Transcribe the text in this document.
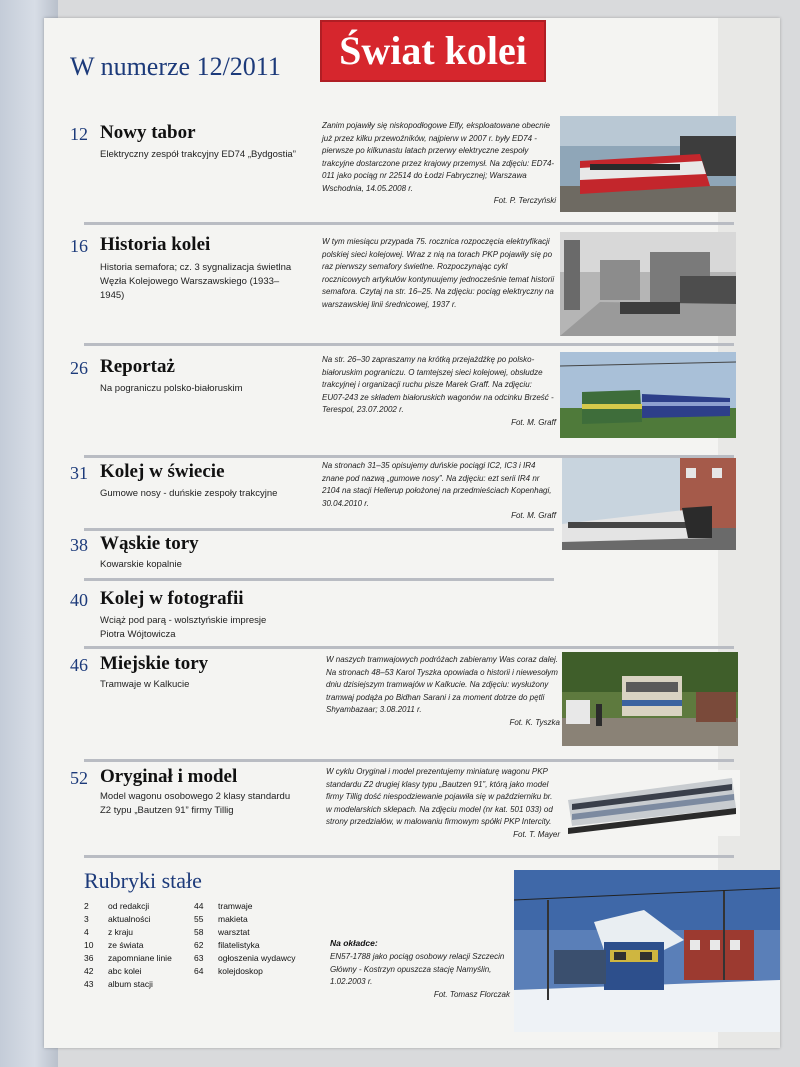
W numerze 12/2011	Świat kolei
12 Nowy tabor
Elektryczny zespół trakcyjny ED74 „Bydgostia”
Zanim pojawiły się niskopodłogowe Elfy, eksploatowane obecnie już przez kilku przewoźników, najpierw w 2007 r. były ED74 - pierwsze po kilkunastu latach przerwy elektryczne zespoły trakcyjne dostarczone przez krajowy przemysł. Na zdjęciu: ED74-011 jako pociąg nr 22514 do Łodzi Fabrycznej; Warszawa Wschodnia, 14.05.2008 r.
Fot. P. Terczyński
16 Historia kolei
Historia semafora; cz. 3 sygnalizacja świetlna Węzła Kolejowego Warszawskiego (1933–1945)
W tym miesiącu przypada 75. rocznica rozpoczęcia elektryfikacji polskiej sieci kolejowej. Wraz z nią na torach PKP pojawiły się po raz pierwszy semafory świetlne. Rozpoczynając cykl rocznicowych artykułów kontynuujemy jednocześnie temat historii semafora. Czytaj na str. 16–25. Na zdjęciu: pociąg elektryczny na warszawskiej linii średnicowej, 1937 r.
26 Reportaż
Na pograniczu polsko-białoruskim
Na str. 26–30 zapraszamy na krótką przejażdżkę po polsko-białoruskim pograniczu. O tamtejszej sieci kolejowej, obsłudze trakcyjnej i organizacji ruchu pisze Marek Graff. Na zdjęciu: EU07-243 ze składem białoruskich wagonów na odcinku Brześć - Terespol, 23.07.2002 r.
Fot. M. Graff
31 Kolej w świecie
Gumowe nosy - duńskie zespoły trakcyjne
Na stronach 31–35 opisujemy duńskie pociągi IC2, IC3 i IR4 znane pod nazwą „gumowe nosy”. Na zdjęciu: ezt serii IR4 nr 2104 na stacji Hellerup położonej na przedmieściach Kopenhagi, 30.04.2010 r.
Fot. M. Graff
38 Wąskie tory
Kowarskie kopalnie
40 Kolej w fotografii
Wciąż pod parą - wolsztyńskie impresje Piotra Wójtowicza
46 Miejskie tory
Tramwaje w Kalkucie
W naszych tramwajowych podróżach zabieramy Was coraz dalej. Na stronach 48–53 Karol Tyszka opowiada o historii i niewesołym dniu dzisiejszym tramwajów w Kalkucie. Na zdjęciu: wysłużony tramwaj podąża po Bidhan Sarani i za moment dotrze do pętli Shyambazaar; 3.08.2011 r.
Fot. K. Tyszka
52 Oryginał i model
Model wagonu osobowego 2 klasy standardu Z2 typu „Bautzen 91” firmy Tillig
W cyklu Oryginał i model prezentujemy miniaturę wagonu PKP standardu Z2 drugiej klasy typu „Bautzen 91”, którą jako model firmy Tillig dość niespodziewanie pojawiła się w październiku br. w modelarskich sklepach. Na zdjęciu model (nr kat. 501 033) od strony przedziałów, w malowaniu firmowym spółki PKP Intercity.
Fot. T. Mayer
Rubryki stałe
2	od redakcji
3	aktualności
4	z kraju
10	ze świata
36	zapomniane linie
42	abc kolei
43	album stacji
44	tramwaje
55	makieta
58	warsztat
62	filatelistyka
63	ogłoszenia wydawcy
64	kolejdoskop
Na okładce:
EN57-1788 jako pociąg osobowy relacji Szczecin Główny - Kostrzyn opuszcza stację Namyślin, 1.02.2003 r.
Fot. Tomasz Florczak
